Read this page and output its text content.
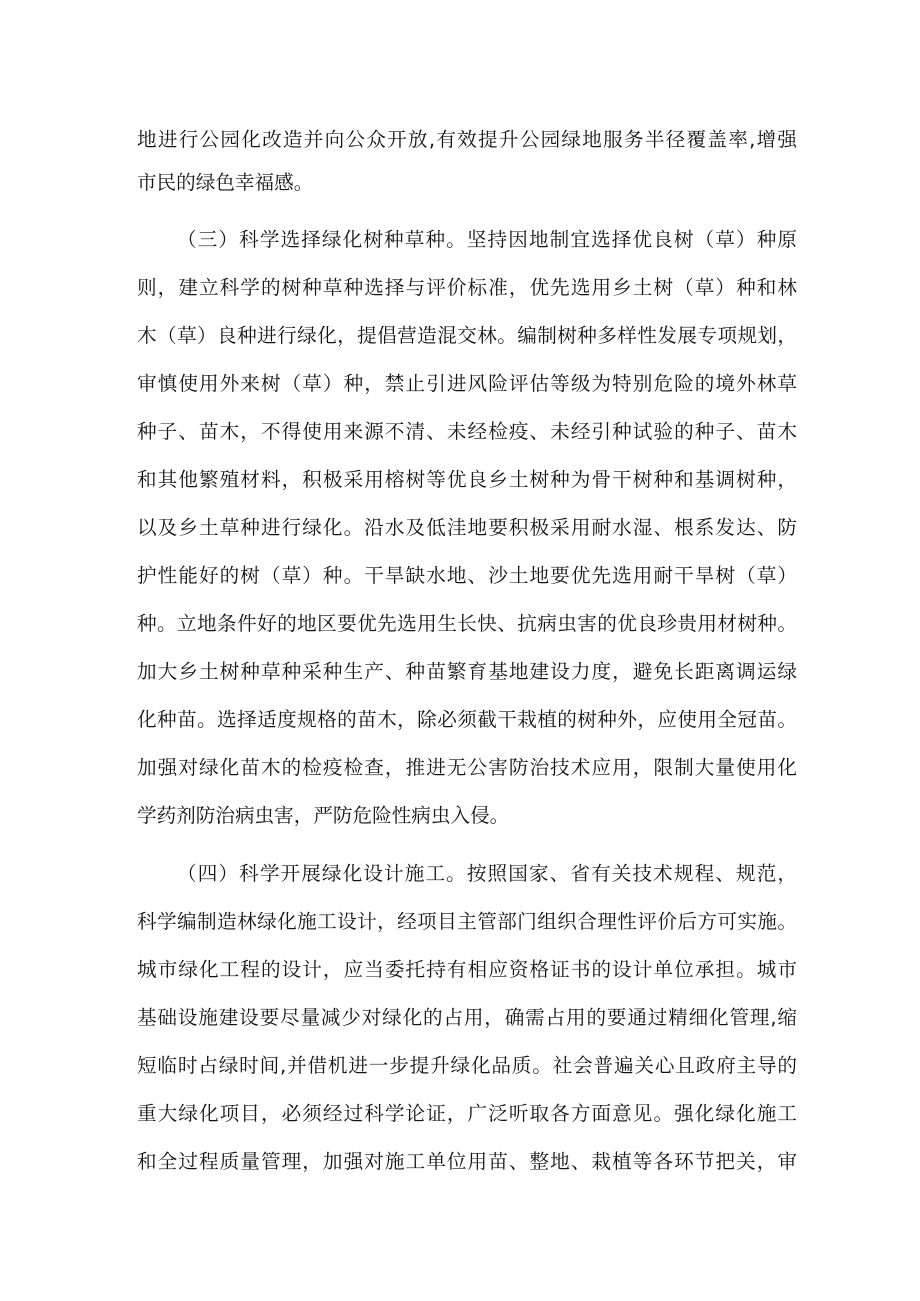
地进行公园化改造并向公众开放,有效提升公园绿地服务半径覆盖率,增强
市民的绿色幸福感。
（三）科学选择绿化树种草种。坚持因地制宜选择优良树（草）种原
则，建立科学的树种草种选择与评价标准，优先选用乡土树（草）种和林
木（草）良种进行绿化，提倡营造混交林。编制树种多样性发展专项规划，
审慎使用外来树（草）种，禁止引进风险评估等级为特别危险的境外林草
种子、苗木，不得使用来源不清、未经检疫、未经引种试验的种子、苗木
和其他繁殖材料，积极采用榕树等优良乡土树种为骨干树种和基调树种，
以及乡土草种进行绿化。沿水及低洼地要积极采用耐水湿、根系发达、防
护性能好的树（草）种。干旱缺水地、沙土地要优先选用耐干旱树（草）
种。立地条件好的地区要优先选用生长快、抗病虫害的优良珍贵用材树种。
加大乡土树种草种采种生产、种苗繁育基地建设力度，避免长距离调运绿
化种苗。选择适度规格的苗木，除必须截干栽植的树种外，应使用全冠苗。
加强对绿化苗木的检疫检查，推进无公害防治技术应用，限制大量使用化
学药剂防治病虫害，严防危险性病虫入侵。
（四）科学开展绿化设计施工。按照国家、省有关技术规程、规范，
科学编制造林绿化施工设计，经项目主管部门组织合理性评价后方可实施。
城市绿化工程的设计，应当委托持有相应资格证书的设计单位承担。城市
基础设施建设要尽量减少对绿化的占用，确需占用的要通过精细化管理,缩
短临时占绿时间,并借机进一步提升绿化品质。社会普遍关心且政府主导的
重大绿化项目，必须经过科学论证，广泛听取各方面意见。强化绿化施工
和全过程质量管理，加强对施工单位用苗、整地、栽植等各环节把关，审
